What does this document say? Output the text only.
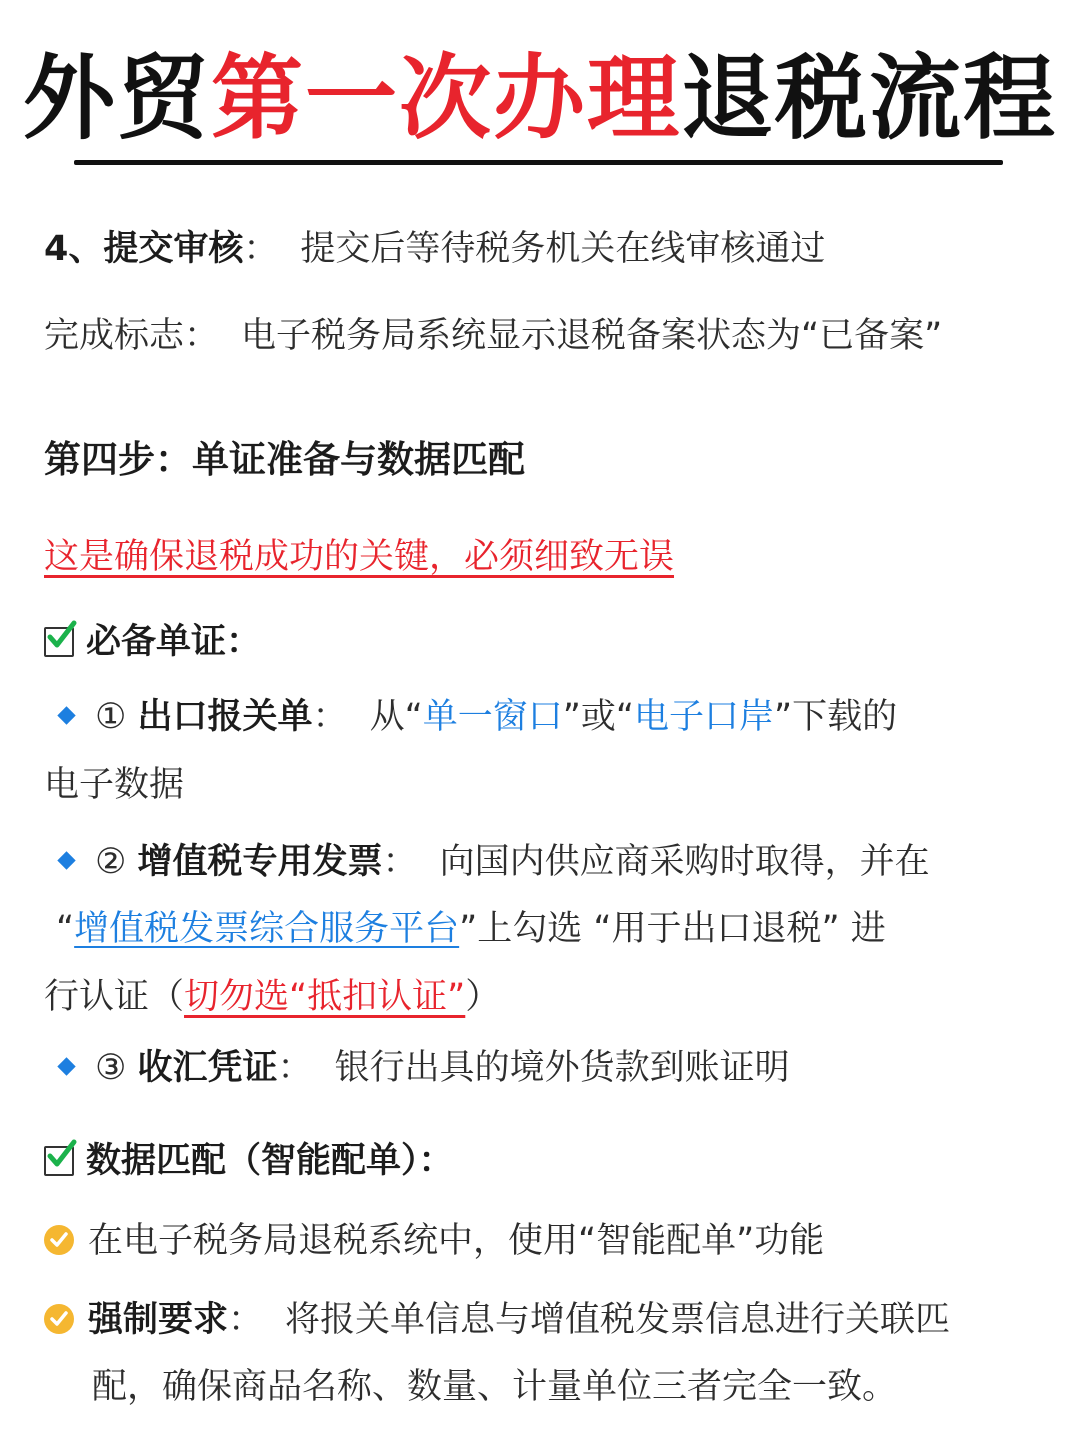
外贸第一次办理退税流程
4、提交审核： 提交后等待税务机关在线审核通过
完成标志： 电子税务局系统显示退税备案状态为“已备案”
第四步：单证准备与数据匹配
这是确保退税成功的关键，必须细致无误
必备单证：
① 出口报关单： 从“单一窗口”或“电子口岸”下载的
电子数据
② 增值税专用发票： 向国内供应商采购时取得，并在
“增值税发票综合服务平台”上勾选 “用于出口退税” 进
行认证（切勿选“抵扣认证”）
③ 收汇凭证： 银行出具的境外货款到账证明
数据匹配（智能配单）：
在电子税务局退税系统中，使用“智能配单”功能
强制要求： 将报关单信息与增值税发票信息进行关联匹
配，确保商品名称、数量、计量单位三者完全一致。
